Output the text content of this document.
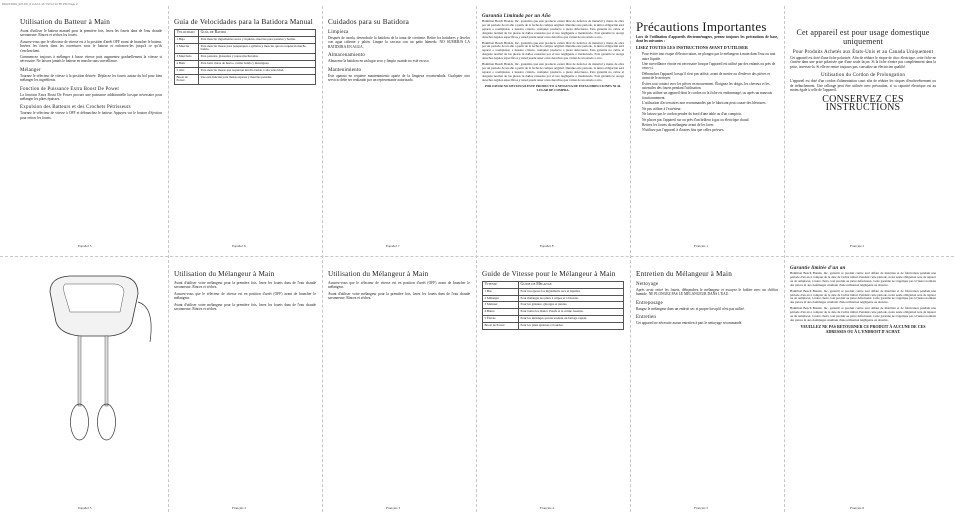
840233000_EN-FR_8.indd 2-16 7/2/14 12:55 PM Page 2
Utilisation du Batteur à Main

Avant d'utiliser le batteur manuel pour la première fois, lavez les fouets dans de l'eau chaude savonneuse. Rincez et séchez les fouets.

Assurez-vous que le sélecteur de vitesse est à la position d'arrêt OFF avant de brancher le batteur. Insérez les fouets dans les ouvertures sous le batteur et enfoncez-les jusqu'à ce qu'ils s'enclenchent.

Commencez toujours à mélanger à basse vitesse puis augmentez graduellement la vitesse si nécessaire. Ne laissez jamais le batteur en marche sans surveillance.

Mélanger

Tournez le sélecteur de vitesse à la position désirée. Déplacez les fouets autour du bol pour bien mélanger les ingrédients.

Fonction de Puissance Extra Boost De Power

La fonction Extra Boost De Power procure une puissance additionnelle lorsque nécessaire pour mélanger les pâtes épaisses.

Expulsion des Batteurs et des Crochets Pétrisseurs

Tournez le sélecteur de vitesse à OFF et débranchez le batteur. Appuyez sur le bouton d'éjection pour retirer les fouets.

Español 5
Guía de Velocidades para la Batidora Manual
Velocidad	Guía de Batido
1 Bajo	Para mezclar ingredientes secos y líquidos, mezclas para pasteles y harina.
2 Mezclar	Para mezclar masas para panqueques o galletas y mezclas que no requieran mucho batido.
3 Mezclado	Para pasteles, glaseados y papas machacadas.
4 Batir	Para batir claras de huevo, crema batida y merengues.
5 Alto	Para mezclar masas que requieran mucho batido a alta velocidad.
Boost de Power	Use esta función para masas espesas y mezclas pesadas.
Español 6
Cuidados para su Batidora
Limpieza

Después de usarla, desenchufe la batidora de la toma de corriente. Retire los batidores y lávelos con agua caliente y jabón. Limpie la carcasa con un paño húmedo. NO SUMERJA LA BATIDORA EN AGUA.

Almacenamiento

Almacene la batidora en un lugar seco y limpio cuando no esté en uso.

Mantenimiento

Este aparato no requiere mantenimiento aparte de la limpieza recomendada. Cualquier otro servicio debe ser realizado por un representante autorizado.

Español 7
Garantía Limitada por un Año

Hamilton Beach Brands, Inc. garantiza que este producto estará libre de defectos de material y mano de obra por un período de un año a partir de la fecha de compra original. Durante este período, la única obligación será reparar o reemplazar, a nuestro criterio, cualquier producto o pieza defectuosa. Esta garantía no cubre el desgaste normal de las piezas ni daños causados por el uso negligente o inadecuado. Esta garantía le otorga derechos legales específicos y usted puede tener otros derechos que varían de un estado a otro.

Hamilton Beach Brands, Inc. garantiza que este producto estará libre de defectos de material y mano de obra por un período de un año a partir de la fecha de compra original. Durante este período, la única obligación será reparar o reemplazar, a nuestro criterio, cualquier producto o pieza defectuosa. Esta garantía no cubre el desgaste normal de las piezas ni daños causados por el uso negligente o inadecuado. Esta garantía le otorga derechos legales específicos y usted puede tener otros derechos que varían de un estado a otro.

Hamilton Beach Brands, Inc. garantiza que este producto estará libre de defectos de material y mano de obra por un período de un año a partir de la fecha de compra original. Durante este período, la única obligación será reparar o reemplazar, a nuestro criterio, cualquier producto o pieza defectuosa. Esta garantía no cubre el desgaste normal de las piezas ni daños causados por el uso negligente o inadecuado. Esta garantía le otorga derechos legales específicos y usted puede tener otros derechos que varían de un estado a otro.

POR FAVOR NO DEVUELVA ESTE PRODUCTO A NINGUNA DE ESTAS DIRECCIONES NI AL LUGAR DE COMPRA.

Español 8
Précautions Importantes

Lors de l'utilisation d'appareils électroménagers, prenez toujours les précautions de base, dont les suivantes :

LISEZ TOUTES LES INSTRUCTIONS AVANT D'UTILISER

• Pour éviter tout risque d'électrocution, ne plongez pas le mélangeur à main dans l'eau ou tout autre liquide.
• Une surveillance étroite est nécessaire lorsque l'appareil est utilisé par des enfants ou près de ceux-ci.
• Débranchez l'appareil lorsqu'il n'est pas utilisé, avant de mettre ou d'enlever des pièces et avant de le nettoyer.
• Évitez tout contact avec les pièces en mouvement. Éloignez les doigts, les cheveux et les ustensiles des fouets pendant l'utilisation.
• Ne pas utiliser un appareil dont le cordon ou la fiche est endommagé, ou après un mauvais fonctionnement.
• L'utilisation d'accessoires non recommandés par le fabricant peut causer des blessures.
• Ne pas utiliser à l'extérieur.
• Ne laissez pas le cordon pendre du bord d'une table ou d'un comptoir.
• Ne placez pas l'appareil sur ou près d'un brûleur à gaz ou électrique chaud.
• Retirez les fouets du mélangeur avant de les laver.
• N'utilisez pas l'appareil à d'autres fins que celles prévues.
Français 1
Cet appareil est pour usage domestique uniquement
Pour Produits Achetés aux États-Unis et au Canada Uniquement

Cet appareil est doté d'une fiche polarisée. Afin de réduire le risque de choc électrique, cette fiche ne s'insère dans une prise polarisée que d'une seule façon. Si la fiche n'entre pas complètement dans la prise, inversez-la. Si elle ne rentre toujours pas, consultez un électricien qualifié.

Utilisation du Cordon de Prolongation

L'appareil est doté d'un cordon d'alimentation court afin de réduire les risques d'enchevêtrement ou de trébuchement. Une rallonge peut être utilisée avec précaution, si sa capacité électrique est au moins égale à celle de l'appareil.

CONSERVEZ CES INSTRUCTIONS
Français 2
Español 5
Utilisation du Mélangeur à Main

Avant d'utiliser votre mélangeur pour la première fois, lavez les fouets dans de l'eau chaude savonneuse. Rincez et séchez.

Assurez-vous que le sélecteur de vitesse est en position d'arrêt (OFF) avant de brancher le mélangeur.

Avant d'utiliser votre mélangeur pour la première fois, lavez les fouets dans de l'eau chaude savonneuse. Rincez et séchez.

Français 3
Utilisation du Mélangeur à Main

Assurez-vous que le sélecteur de vitesse est en position d'arrêt (OFF) avant de brancher le mélangeur.

Avant d'utiliser votre mélangeur pour la première fois, lavez les fouets dans de l'eau chaude savonneuse. Rincez et séchez.

Français 3
Guide de Vitesse pour le Mélangeur à Main
Vitesse	Guide de Mélange
1 Bas	Pour incorporer les ingrédients secs et liquides.
2 Mélanger	Pour mélanger les pâtes à crêpes et à biscuits.
3 Malaxer	Pour les gâteaux, glaçages et purées.
4 Battre	Pour battre les blancs d'œufs et la crème fouettée.
5 Élevée	Pour les mélanges qui nécessitent un battage rapide.
Boost de Power	Pour les pâtes épaisses et lourdes.
Français 4
Entretien du Mélangeur à Main
Nettoyage

Après avoir retiré les fouets, débranchez le mélangeur et essuyez le boîtier avec un chiffon humide. NE PLONGEZ PAS LE MÉLANGEUR DANS L'EAU.

Entreposage

Rangez le mélangeur dans un endroit sec et propre lorsqu'il n'est pas utilisé.

Entretien

Cet appareil ne nécessite aucun entretien à part le nettoyage recommandé.

Français 5
Garantie limitée d'un an

Hamilton Beach Brands, Inc. garantit ce produit contre tout défaut de matériau et de fabrication pendant une période d'un an à compter de la date de l'achat initial. Pendant cette période, notre seule obligation sera de réparer ou de remplacer, à notre choix, tout produit ou pièce défectueux. Cette garantie ne s'applique pas à l'usure normale des pièces ni aux dommages résultant d'une utilisation négligente ou abusive.

Hamilton Beach Brands, Inc. garantit ce produit contre tout défaut de matériau et de fabrication pendant une période d'un an à compter de la date de l'achat initial. Pendant cette période, notre seule obligation sera de réparer ou de remplacer, à notre choix, tout produit ou pièce défectueux. Cette garantie ne s'applique pas à l'usure normale des pièces ni aux dommages résultant d'une utilisation négligente ou abusive.

Hamilton Beach Brands, Inc. garantit ce produit contre tout défaut de matériau et de fabrication pendant une période d'un an à compter de la date de l'achat initial. Pendant cette période, notre seule obligation sera de réparer ou de remplacer, à notre choix, tout produit ou pièce défectueux. Cette garantie ne s'applique pas à l'usure normale des pièces ni aux dommages résultant d'une utilisation négligente ou abusive.

VEUILLEZ NE PAS RETOURNER CE PRODUIT À AUCUNE DE CES ADRESSES OU À L'ENDROIT D'ACHAT.

Français 6
